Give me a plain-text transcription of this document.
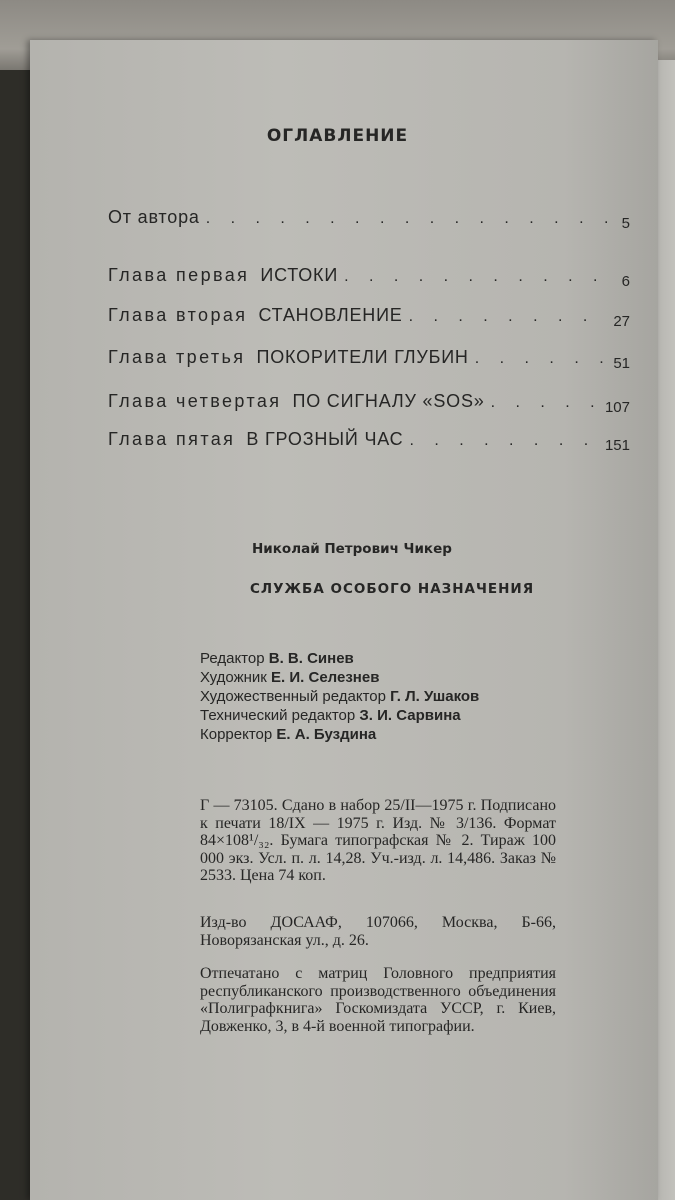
ОГЛАВЛЕНИЕ
От автора . . .	5
Глава первая ИСТОКИ . . .	6
Глава вторая СТАНОВЛЕНИЕ . . .	27
Глава третья ПОКОРИТЕЛИ ГЛУБИН . . .	51
Глава четвертая ПО СИГНАЛУ «SOS» . . .	107
Глава пятая В ГРОЗНЫЙ ЧАС . . .	151
Николай Петрович Чикер
СЛУЖБА ОСОБОГО НАЗНАЧЕНИЯ
Редактор В. В. Синев
Художник Е. И. Селезнев
Художественный редактор Г. Л. Ушаков
Технический редактор З. И. Сарвина
Корректор Е. А. Буздина

Г — 73105. Сдано в набор 25/II—1975 г. Подписано к печати 18/IX — 1975 г. Изд. № 3/136. Формат 84×108¹/₃₂. Бумага типографская № 2. Тираж 100 000 экз. Усл. п. л. 14,28. Уч.-изд. л. 14,486. Заказ № 2533. Цена 74 коп.

Изд-во ДОСААФ, 107066, Москва, Б-66, Новорязанская ул., д. 26.

Отпечатано с матриц Головного предприятия республиканского производственного объединения «Полиграфкнига» Госкомиздата УССР, г. Киев, Довженко, 3, в 4-й военной типографии.
